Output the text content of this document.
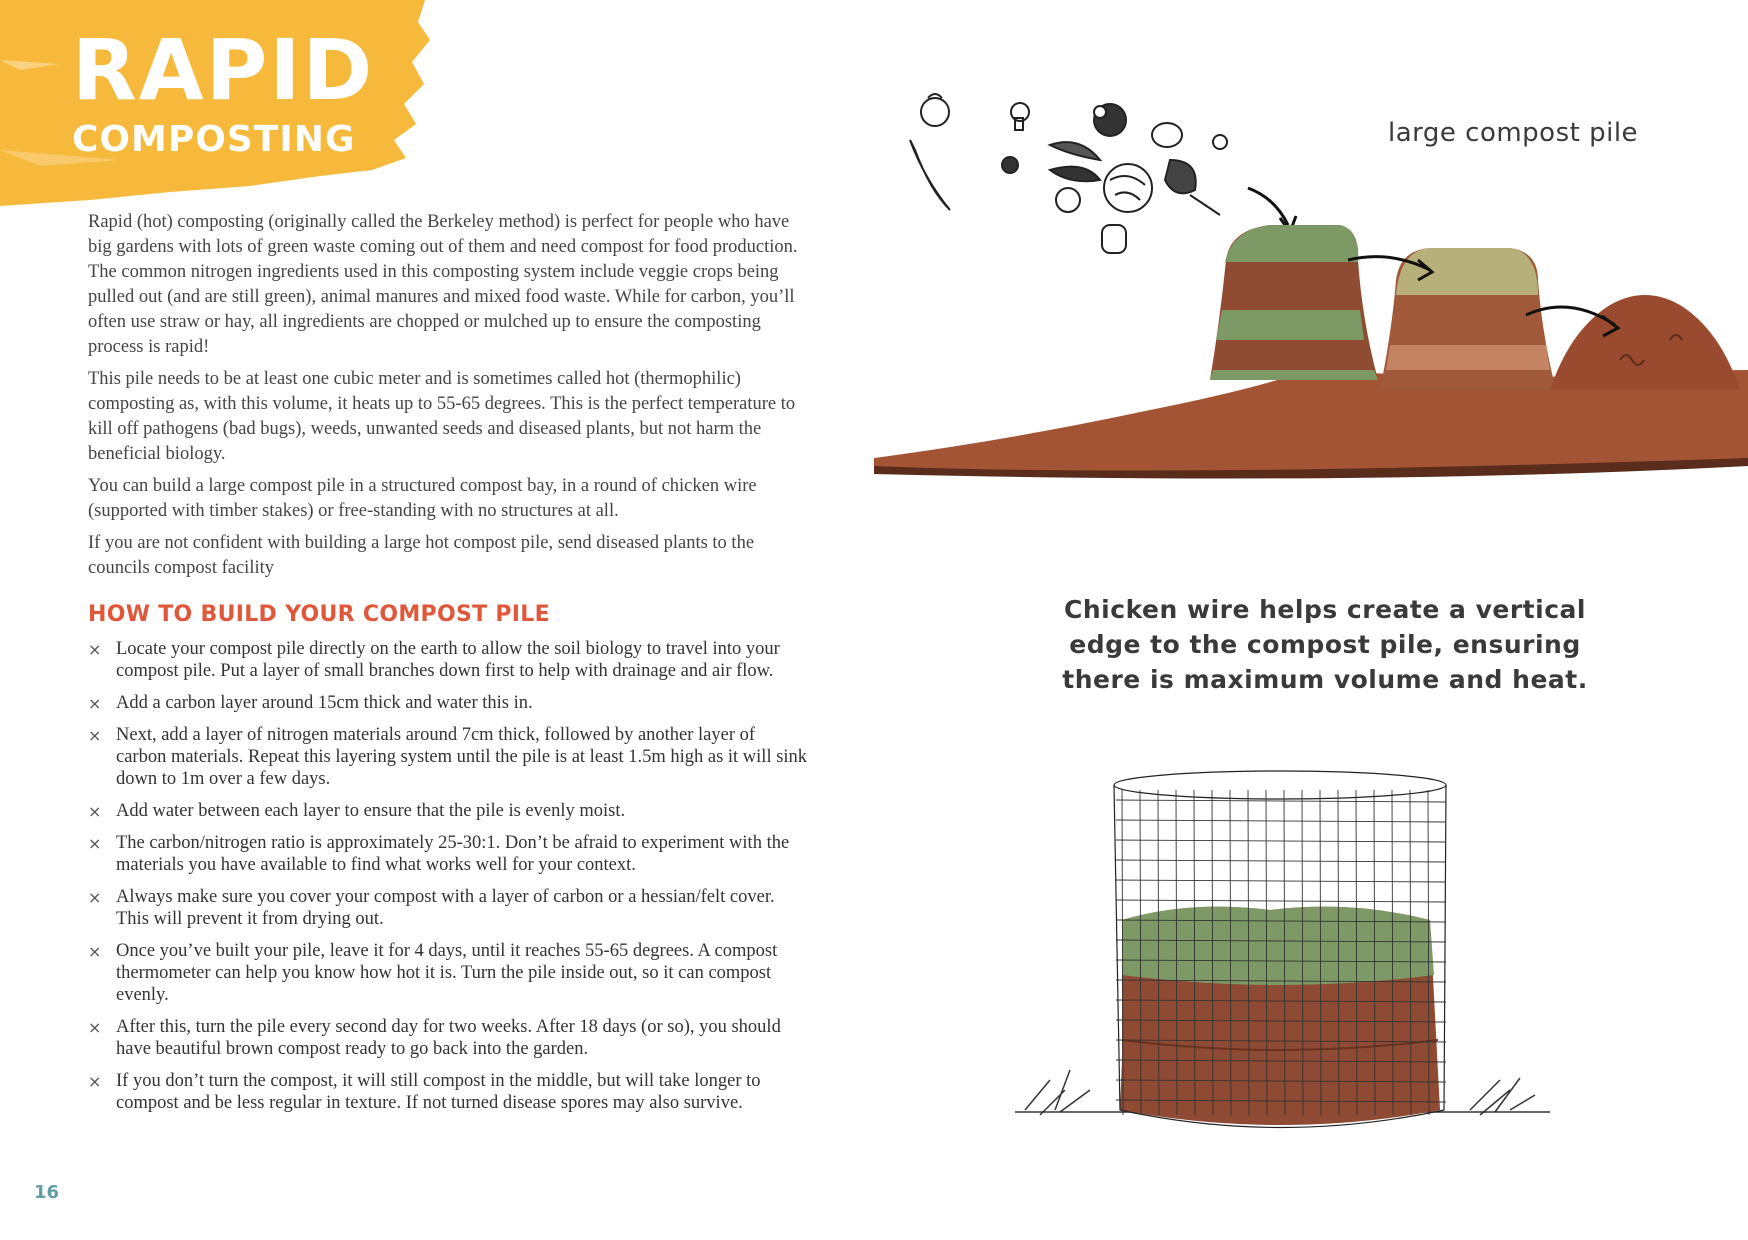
RAPID
COMPOSTING

Rapid (hot) composting (originally called the Berkeley method) is perfect for people who have big gardens with lots of green waste coming out of them and need compost for food production. The common nitrogen ingredients used in this composting system include veggie crops being pulled out (and are still green), animal manures and mixed food waste. While for carbon, you’ll often use straw or hay, all ingredients are chopped or mulched up to ensure the composting process is rapid!

This pile needs to be at least one cubic meter and is sometimes called hot (thermophilic) composting as, with this volume, it heats up to 55-65 degrees. This is the perfect temperature to kill off pathogens (bad bugs), weeds, unwanted seeds and diseased plants, but not harm the beneficial biology.

You can build a large compost pile in a structured compost bay, in a round of chicken wire (supported with timber stakes) or free-standing with no structures at all.

If you are not confident with building a large hot compost pile, send diseased plants to the councils compost facility

HOW TO BUILD YOUR COMPOST PILE
× Locate your compost pile directly on the earth to allow the soil biology to travel into your compost pile. Put a layer of small branches down first to help with drainage and air flow.
× Add a carbon layer around 15cm thick and water this in.
× Next, add a layer of nitrogen materials around 7cm thick, followed by another layer of carbon materials. Repeat this layering system until the pile is at least 1.5m high as it will sink down to 1m over a few days.
× Add water between each layer to ensure that the pile is evenly moist.
× The carbon/nitrogen ratio is approximately 25-30:1. Don’t be afraid to experiment with the materials you have available to find what works well for your context.
× Always make sure you cover your compost with a layer of carbon or a hessian/felt cover. This will prevent it from drying out.
× Once you’ve built your pile, leave it for 4 days, until it reaches 55-65 degrees. A compost thermometer can help you know how hot it is. Turn the pile inside out, so it can compost evenly.
× After this, turn the pile every second day for two weeks. After 18 days (or so), you should have beautiful brown compost ready to go back into the garden.
× If you don’t turn the compost, it will still compost in the middle, but will take longer to compost and be less regular in texture. If not turned disease spores may also survive.
16
large compost pile
Chicken wire helps create a vertical edge to the compost pile, ensuring there is maximum volume and heat.
